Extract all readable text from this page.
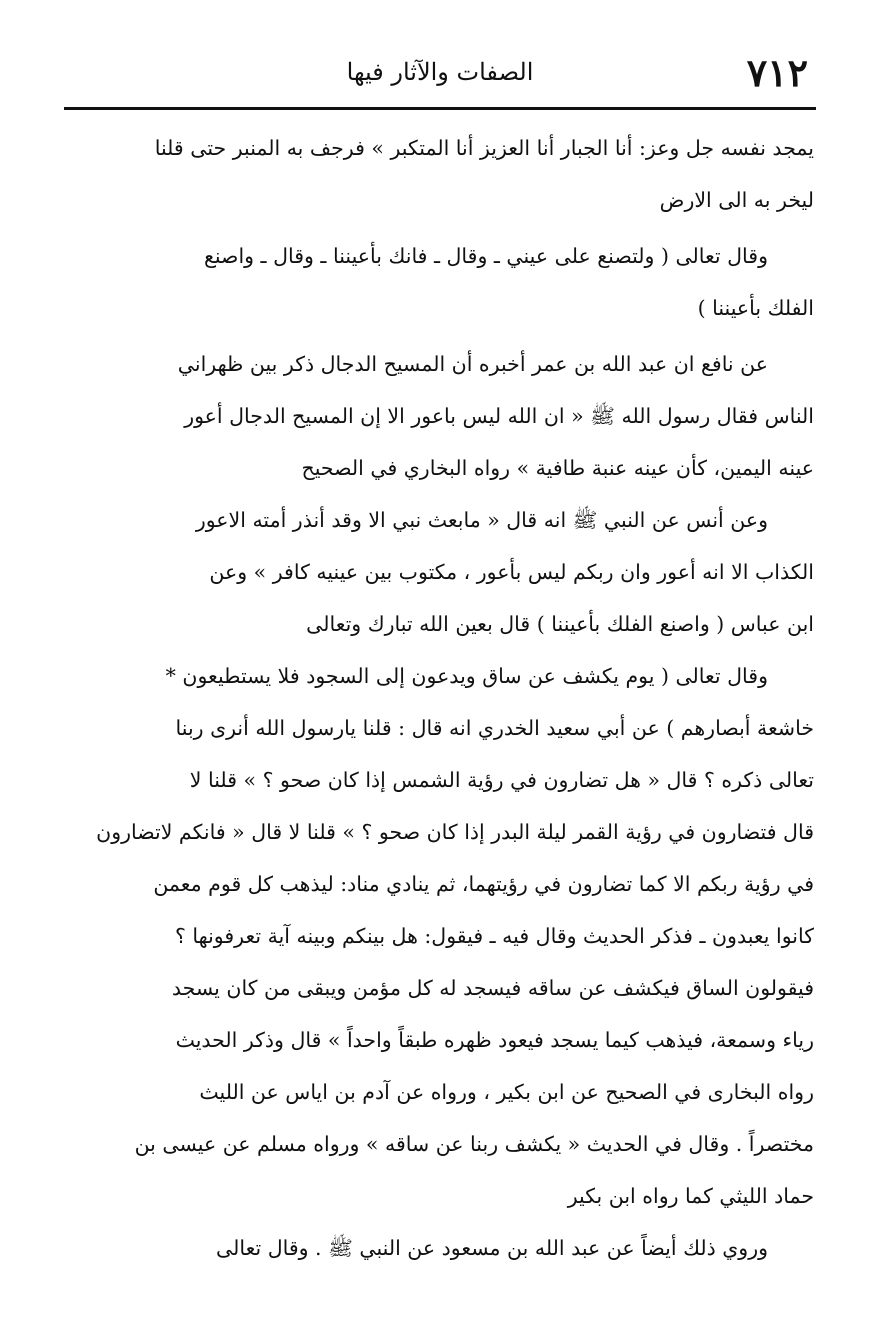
٧١٢
الصفات والآثار فيها
يمجد نفسه جل وعز: أنا الجبار أنا العزيز أنا المتكبر » فرجف به المنبر حتى قلنا
ليخر به الى الارض
وقال تعالى ( ولتصنع على عيني ـ وقال ـ فانك بأعيننا ـ وقال ـ واصنع
الفلك بأعيننا )
عن نافع ان عبد الله بن عمر أخبره أن المسيح الدجال ذكر بين ظهراني
الناس فقال رسول الله ﷺ « ان الله ليس باعور الا إن المسيح الدجال أعور
عينه اليمين، كأن عينه عنبة طافية » رواه البخاري في الصحيح
وعن أنس عن النبي ﷺ انه قال « مابعث نبي الا وقد أنذر أمته الاعور
الكذاب الا انه أعور وان ربكم ليس بأعور ، مكتوب بين عينيه كافر » وعن
ابن عباس ( واصنع الفلك بأعيننا ) قال بعين الله تبارك وتعالى
وقال تعالى ( يوم يكشف عن ساق ويدعون إلى السجود فلا يستطيعون *
خاشعة أبصارهم ) عن أبي سعيد الخدري انه قال : قلنا يارسول الله أنرى ربنا
تعالى ذكره ؟ قال « هل تضارون في رؤية الشمس إذا كان صحو ؟ » قلنا لا
قال فتضارون في رؤية القمر ليلة البدر إذا كان صحو ؟ » قلنا لا قال « فانكم لاتضارون
في رؤية ربكم الا كما تضارون في رؤيتهما، ثم ينادي مناد: ليذهب كل قوم معمن
كانوا يعبدون ـ فذكر الحديث وقال فيه ـ فيقول: هل بينكم وبينه آية تعرفونها ؟
فيقولون الساق فيكشف عن ساقه فيسجد له كل مؤمن ويبقى من كان يسجد
رياء وسمعة، فيذهب كيما يسجد فيعود ظهره طبقاً واحداً » قال وذكر الحديث
رواه البخارى في الصحيح عن ابن بكير ، ورواه عن آدم بن اياس عن الليث
مختصراً . وقال في الحديث « يكشف ربنا عن ساقه » ورواه مسلم عن عيسى بن
حماد الليثي كما رواه ابن بكير
وروي ذلك أيضاً عن عبد الله بن مسعود عن النبي ﷺ . وقال تعالى
